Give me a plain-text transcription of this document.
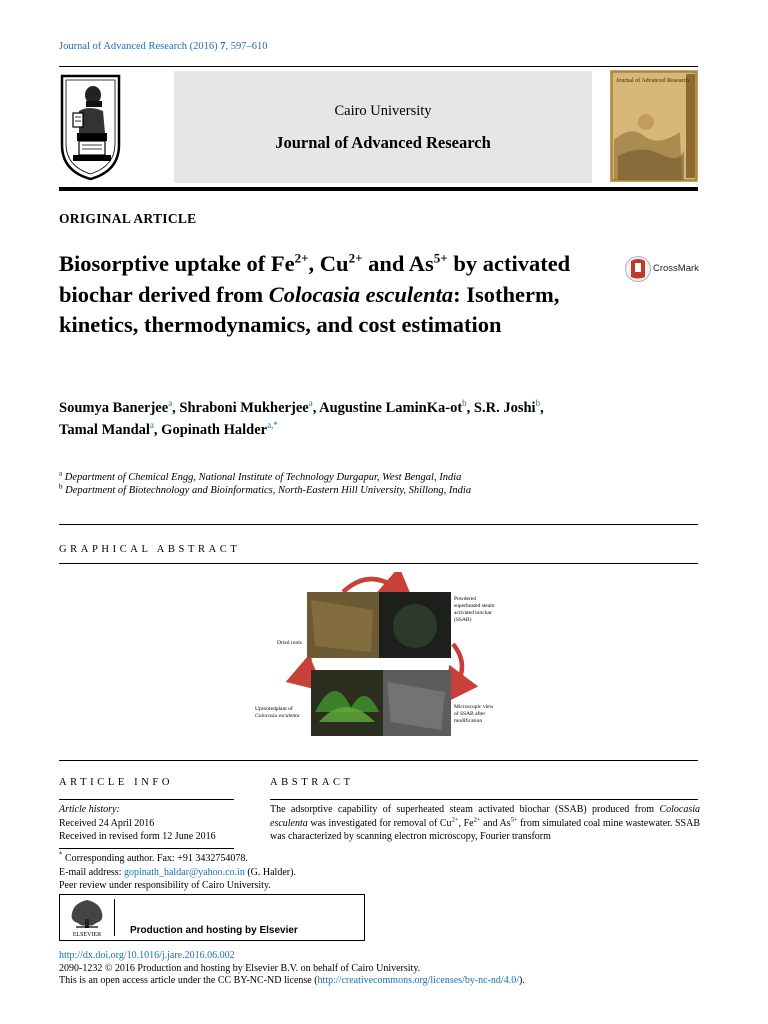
Journal of Advanced Research (2016) 7, 597–610
Cairo University
Journal of Advanced Research
Journal of Advanced Research
ORIGINAL ARTICLE
Biosorptive uptake of $Fe^{2+}$, $Cu^{2+}$ and $As^{5+}$ by activated biochar derived from Colocasia esculenta: Isotherm, kinetics, thermodynamics, and cost estimation
CrossMark
Soumya Banerjee$^a$, Shraboni Mukherjee$^a$, Augustine LaminKa-$ot^b$, S.R. Joshi$^b$,
Tamal Mandal$^a$, Gopinath Halder$^{a,*}$
$^a$ Department of Chemical Engg, National Institute of Technology Durgapur, West Bengal, India
$^b$ Department of Biotechnology and Bioinformatics, North-Eastern Hill University, Shillong, India
GRAPHICAL ABSTRACT
Powdered superheated steam activated biochar (SSAB)
Dried roots
Uprootedplant of
Colocasia esculenta
Microscopic view of SSAB after modification
ARTICLE INFO
Article history:
Received 24 April 2016
Received in revised form 12 June 2016
ABSTRACT
The adsorptive capability of superheated steam activated biochar (SSAB) produced from Colocasia esculenta was investigated for removal of $Cu^{2+}$, $Fe^{2+}$ and $As^{5+}$ from simulated coal mine wastewater. SSAB was characterized by scanning electron microscopy, Fourier transform
* Corresponding author. Fax: +91 3432754078.
E-mail address: gopinath_haldar@yahoo.co.in (G. Halder).
Peer review under responsibility of Cairo University.
ELSEVIER	Production and hosting by Elsevier
http://dx.doi.org/10.1016/j.jare.2016.06.002
2090-1232 © 2016 Production and hosting by Elsevier B.V. on behalf of Cairo University.
This is an open access article under the CC BY-NC-ND license (http://creativecommons.org/licenses/by-nc-nd/4.0/).
